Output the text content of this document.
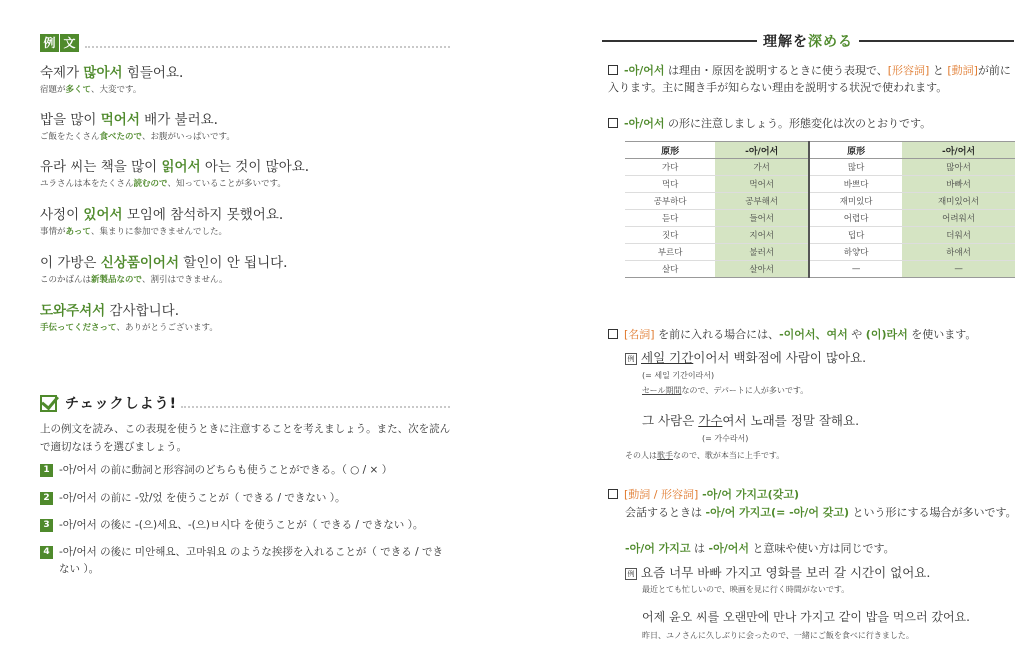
例 文
숙제가 많아서 힘들어요.
宿題が多くて、大変です。
밥을 많이 먹어서 배가 불러요.
ご飯をたくさん食べたので、お腹がいっぱいです。
유라 씨는 책을 많이 읽어서 아는 것이 많아요.
ユラさんは本をたくさん読むので、知っていることが多いです。
사정이 있어서 모임에 참석하지 못했어요.
事情があって、集まりに参加できませんでした。
이 가방은 신상품이어서 할인이 안 됩니다.
このかばんは新製品なので、割引はできません。
도와주셔서 감사합니다.
手伝ってくださって、ありがとうございます。
チェックしよう!
上の例文を読み、この表現を使うときに注意することを考えましょう。また、次を読んで適切なほうを選びましょう。
1 -아/어서 の前に動詞と形容詞のどちらも使うことができる。（ ○ / × ）
2 -아/어서 の前に -았/었 を使うことが（ できる / できない ）。
3 -아/어서 の後に -(으)세요、-(으)ㅂ시다 を使うことが（ できる / できない ）。
4 -아/어서 の後に 미안해요、고마워요 のような挨拶を入れることが（ できる / できない ）。
理解を深める
-아/어서 は理由・原因を説明するときに使う表現で、[形容詞] と [動詞]が前に入ります。主に聞き手が知らない理由を説明する状況で使われます。
-아/어서 の形に注意しましょう。形態変化は次のとおりです。
原形	-아/어서	原形	-아/어서
가다	가서	많다	많아서
먹다	먹어서	바쁘다	바빠서
공부하다	공부해서	재미있다	재미있어서
듣다	들어서	어렵다	어려워서
짓다	지어서	덥다	더워서
부르다	불러서	하얗다	하얘서
살다	살아서	—	—
[名詞] を前に入れる場合には、-이어서、여서 や (이)라서 を使います。
例 세일 기간이어서 백화점에 사람이 많아요.
(= 세일 기간이라서)
セール期間なので、デパートに人が多いです。
그 사람은 가수여서 노래를 정말 잘해요.
(= 가수라서)
その人は歌手なので、歌が本当に上手です。
[動詞 / 形容詞] -아/어 가지고(갖고)
会話するときは -아/어 가지고(= -아/어 갖고) という形にする場合が多いです。
-아/어 가지고 は -아/어서 と意味や使い方は同じです。
例 요즘 너무 바빠 가지고 영화를 보러 갈 시간이 없어요.
最近とても忙しいので、映画を見に行く時間がないです。
어제 윤오 씨를 오랜만에 만나 가지고 같이 밥을 먹으러 갔어요.
昨日、ユノさんに久しぶりに会ったので、一緒にご飯を食べに行きました。
